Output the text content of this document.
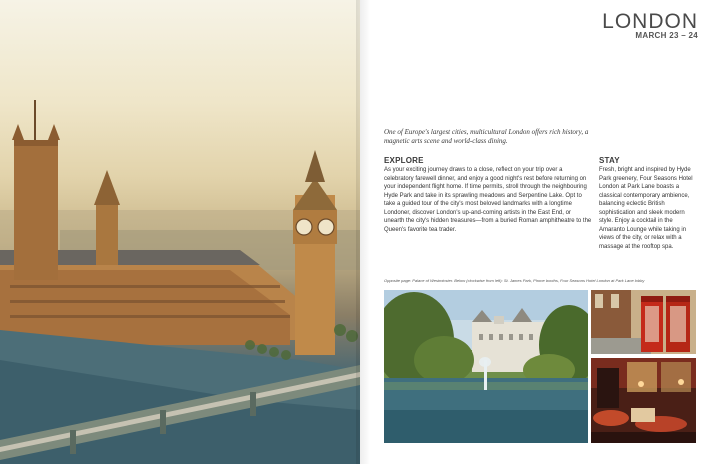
LONDON
MARCH 23 – 24

One of Europe's largest cities, multicultural London offers rich history, a magnetic arts scene and world-class dining.

EXPLORE

As your exciting journey draws to a close, reflect on your trip over a celebratory farewell dinner, and enjoy a good night's rest before returning on your independent flight home. If time permits, stroll through the neighbouring Hyde Park and take in its sprawling meadows and Serpentine Lake. Opt to take a guided tour of the city's most beloved landmarks with a longtime Londoner, discover London's up-and-coming artists in the East End, or unearth the city's hidden treasures—from a buried Roman amphitheatre to the Queen's favorite tea trader.

STAY

Fresh, bright and inspired by Hyde Park greenery, Four Seasons Hotel London at Park Lane boasts a classical contemporary ambience, balancing eclectic British sophistication and sleek modern style. Enjoy a cocktail in the Amaranto Lounge while taking in views of the city, or relax with a massage at the rooftop spa.

Opposite page: Palace of Westminster. Below (clockwise from left): St. James Park, Phone booths, Four Seasons Hotel London at Park Lane lobby
